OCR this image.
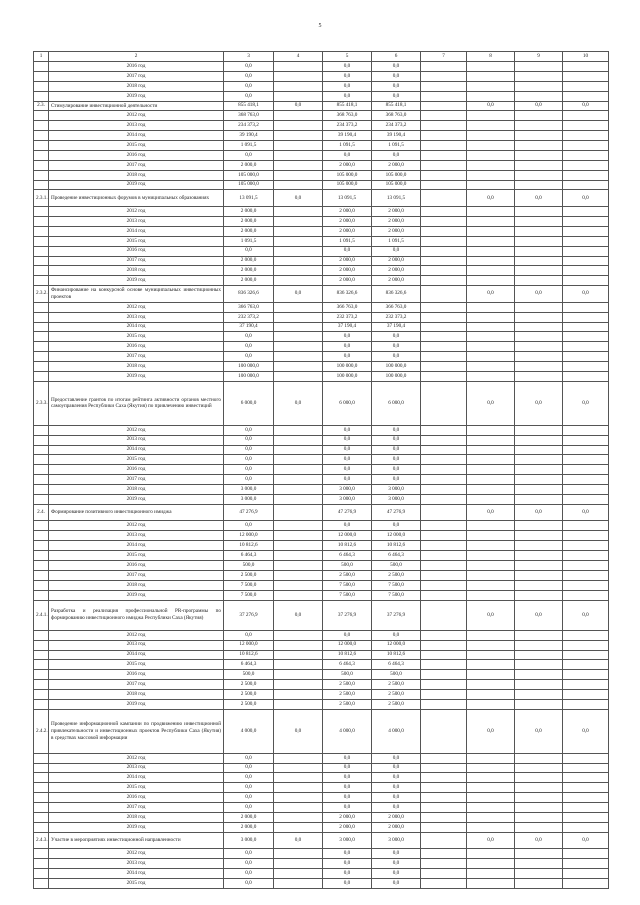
5
1	2	3	4	5	6	7	8	9	10
	2016 год	0,0		0,0	0,0				
	2017 год	0,0		0,0	0,0				
	2018 год	0,0		0,0	0,0				
	2019 год	0,0		0,0	0,0				
2.3.	Стимулирование инвестиционной деятельности	855 418,1	0,0	855 418,1	855 418,1		0,0	0,0	0,0
	2012 год	368 763,0		368 763,0	368 763,0				
	2013 год	234 373,2		234 373,2	234 373,2				
	2014 год	39 190,4		39 190,4	39 190,4				
	2015 год	1 091,5		1 091,5	1 091,5				
	2016 год	0,0		0,0	0,0				
	2017 год	2 000,0		2 000,0	2 000,0				
	2018 год	105 000,0		105 000,0	105 000,0				
	2019 год	105 000,0		105 000,0	105 000,0				
2.3.1.	Проведение инвестиционных форумов в муниципальных образованиях	13 091,5	0,0	13 091,5	13 091,5		0,0	0,0	0,0
	2012 год	2 000,0		2 000,0	2 000,0				
	2013 год	2 000,0		2 000,0	2 000,0				
	2014 год	2 000,0		2 000,0	2 000,0				
	2015 год	1 091,5		1 091,5	1 091,5				
	2016 год	0,0		0,0	0,0				
	2017 год	2 000,0		2 000,0	2 000,0				
	2018 год	2 000,0		2 000,0	2 000,0				
	2019 год	2 000,0		2 000,0	2 000,0				
2.3.2.	Финансирование на конкурсной основе муниципальных инвестиционных проектов	836 326,6	0,0	836 326,6	836 326,6		0,0	0,0	0,0
	2012 год	366 763,0		366 763,0	366 763,0				
	2013 год	232 373,2		232 373,2	232 373,2				
	2014 год	37 190,4		37 190,4	37 190,4				
	2015 год	0,0		0,0	0,0				
	2016 год	0,0		0,0	0,0				
	2017 год	0,0		0,0	0,0				
	2018 год	100 000,0		100 000,0	100 000,0				
	2019 год	100 000,0		100 000,0	100 000,0				
2.3.3.	Предоставление грантов по итогам рейтинга активности органов местного самоуправления Республики Саха (Якутия) по привлечению инвестиций	6 000,0	0,0	6 000,0	6 000,0		0,0	0,0	0,0
	2012 год	0,0		0,0	0,0				
	2013 год	0,0		0,0	0,0				
	2014 год	0,0		0,0	0,0				
	2015 год	0,0		0,0	0,0				
	2016 год	0,0		0,0	0,0				
	2017 год	0,0		0,0	0,0				
	2018 год	3 000,0		3 000,0	3 000,0				
	2019 год	3 000,0		3 000,0	3 000,0				
2.4.	Формирование позитивного инвестиционного имиджа	47 276,9		47 276,9	47 276,9		0,0	0,0	0,0
	2012 год	0,0		0,0	0,0				
	2013 год	12 000,0		12 000,0	12 000,0				
	2014 год	10 812,6		10 812,6	10 812,6				
	2015 год	6 464,3		6 464,3	6 464,3				
	2016 год	500,0		500,0	500,0				
	2017 год	2 500,0		2 500,0	2 500,0				
	2018 год	7 500,0		7 500,0	7 500,0				
	2019 год	7 500,0		7 500,0	7 500,0				
2.4.1.	Разработка и реализация профессиональной PR-программы по формированию инвестиционного имиджа Республики Саха (Якутия)	37 276,9	0,0	37 276,9	37 276,9		0,0	0,0	0,0
	2012 год	0,0		0,0	0,0				
	2013 год	12 000,0		12 000,0	12 000,0				
	2014 год	10 812,6		10 812,6	10 812,6				
	2015 год	6 464,3		6 464,3	6 464,3				
	2016 год	500,0		500,0	500,0				
	2017 год	2 500,0		2 500,0	2 500,0				
	2018 год	2 500,0		2 500,0	2 500,0				
	2019 год	2 500,0		2 500,0	2 500,0				
2.4.2.	Проведение информационной кампании по продвижению инвестиционной привлекательности и инвестиционных проектов Республики Саха (Якутия) в средствах массовой информации	4 000,0	0,0	4 000,0	4 000,0		0,0	0,0	0,0
	2012 год	0,0		0,0	0,0				
	2013 год	0,0		0,0	0,0				
	2014 год	0,0		0,0	0,0				
	2015 год	0,0		0,0	0,0				
	2016 год	0,0		0,0	0,0				
	2017 год	0,0		0,0	0,0				
	2018 год	2 000,0		2 000,0	2 000,0				
	2019 год	2 000,0		2 000,0	2 000,0				
2.4.3.	Участие в мероприятиях инвестиционной направленности	3 000,0	0,0	3 000,0	3 000,0		0,0	0,0	0,0
	2012 год	0,0		0,0	0,0				
	2013 год	0,0		0,0	0,0				
	2014 год	0,0		0,0	0,0				
	2015 год	0,0		0,0	0,0				
